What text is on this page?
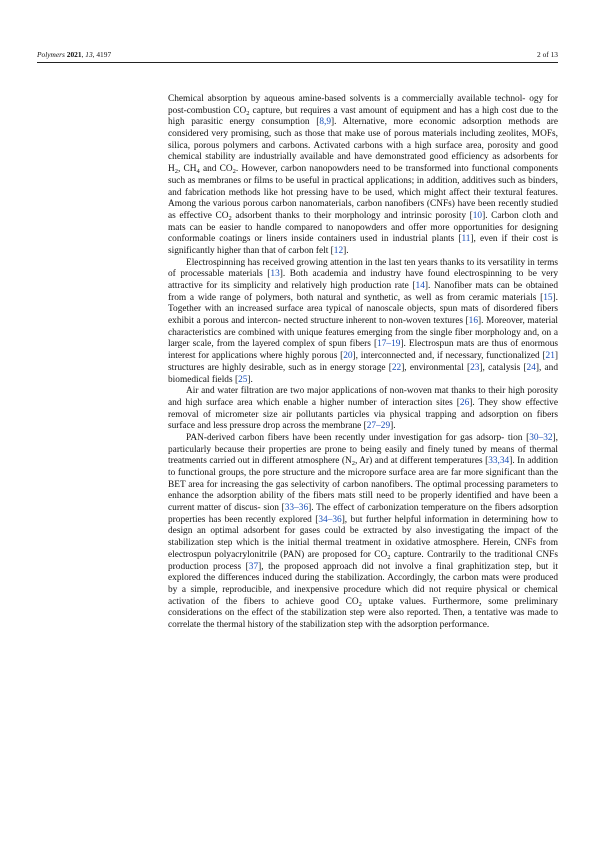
Polymers 2021, 13, 4197	2 of 13

Chemical absorption by aqueous amine-based solvents is a commercially available technol- ogy for post-combustion $CO_2$ capture, but requires a vast amount of equipment and has a high cost due to the high parasitic energy consumption [8,9]. Alternative, more economic adsorption methods are considered very promising, such as those that make use of porous materials including zeolites, MOFs, silica, porous polymers and carbons. Activated carbons with a high surface area, porosity and good chemical stability are industrially available and have demonstrated good efficiency as adsorbents for $H_2$, $CH_4$ and $CO_2$. However, carbon nanopowders need to be transformed into functional components such as membranes or films to be useful in practical applications; in addition, additives such as binders, and fabrication methods like hot pressing have to be used, which might affect their textural features. Among the various porous carbon nanomaterials, carbon nanofibers (CNFs) have been recently studied as effective $CO_2$ adsorbent thanks to their morphology and intrinsic porosity [10]. Carbon cloth and mats can be easier to handle compared to nanopowders and offer more opportunities for designing conformable coatings or liners inside containers used in industrial plants [11], even if their cost is significantly higher than that of carbon felt [12].

Electrospinning has received growing attention in the last ten years thanks to its versatility in terms of processable materials [13]. Both academia and industry have found electrospinning to be very attractive for its simplicity and relatively high production rate [14]. Nanofiber mats can be obtained from a wide range of polymers, both natural and synthetic, as well as from ceramic materials [15]. Together with an increased surface area typical of nanoscale objects, spun mats of disordered fibers exhibit a porous and intercon- nected structure inherent to non-woven textures [16]. Moreover, material characteristics are combined with unique features emerging from the single fiber morphology and, on a larger scale, from the layered complex of spun fibers [17–19]. Electrospun mats are thus of enormous interest for applications where highly porous [20], interconnected and, if necessary, functionalized [21] structures are highly desirable, such as in energy storage [22], environmental [23], catalysis [24], and biomedical fields [25].

Air and water filtration are two major applications of non-woven mat thanks to their high porosity and high surface area which enable a higher number of interaction sites [26]. They show effective removal of micrometer size air pollutants particles via physical trapping and adsorption on fibers surface and less pressure drop across the membrane [27–29].

PAN-derived carbon fibers have been recently under investigation for gas adsorp- tion [30–32], particularly because their properties are prone to being easily and finely tuned by means of thermal treatments carried out in different atmosphere ($N_2$, Ar) and at different temperatures [33,34]. In addition to functional groups, the pore structure and the micropore surface area are far more significant than the BET area for increasing the gas selectivity of carbon nanofibers. The optimal processing parameters to enhance the adsorption ability of the fibers mats still need to be properly identified and have been a current matter of discus- sion [33–36]. The effect of carbonization temperature on the fibers adsorption properties has been recently explored [34–36], but further helpful information in determining how to design an optimal adsorbent for gases could be extracted by also investigating the impact of the stabilization step which is the initial thermal treatment in oxidative atmosphere. Herein, CNFs from electrospun polyacrylonitrile (PAN) are proposed for $CO_2$ capture. Contrarily to the traditional CNFs production process [37], the proposed approach did not involve a final graphitization step, but it explored the differences induced during the stabilization. Accordingly, the carbon mats were produced by a simple, reproducible, and inexpensive procedure which did not require physical or chemical activation of the fibers to achieve good $CO_2$ uptake values. Furthermore, some preliminary considerations on the effect of the stabilization step were also reported. Then, a tentative was made to correlate the thermal history of the stabilization step with the adsorption performance.
